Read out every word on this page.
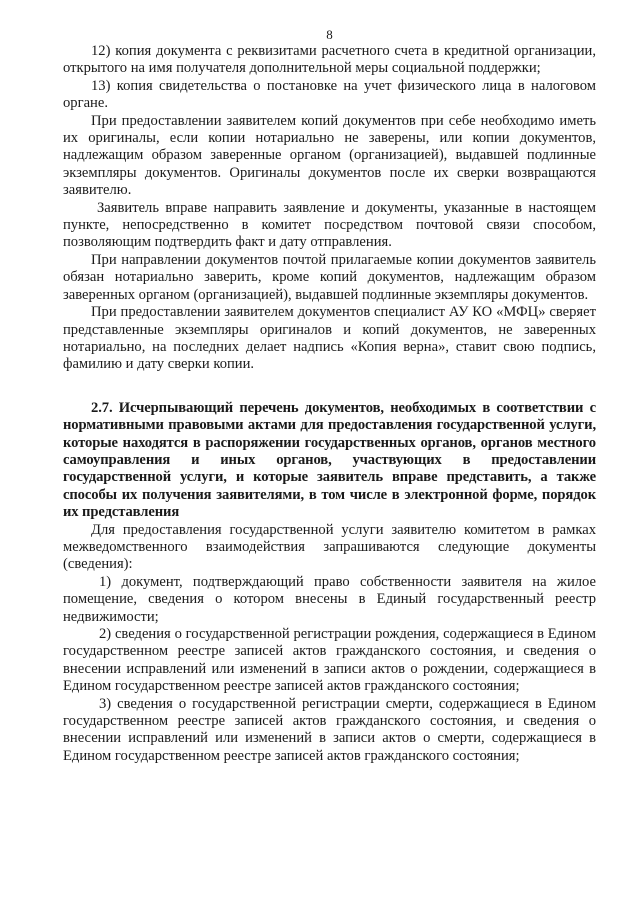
8

12) копия документа с реквизитами расчетного счета в кредитной организации, открытого на имя получателя дополнительной меры социальной поддержки;

13) копия свидетельства о постановке на учет физического лица в налоговом органе.

При предоставлении заявителем копий документов при себе необходимо иметь их оригиналы, если копии нотариально не заверены, или копии документов, надлежащим образом заверенные органом (организацией), выдавшей подлинные экземпляры документов. Оригиналы документов после их сверки возвращаются заявителю.

Заявитель вправе направить заявление и документы, указанные в настоящем пункте, непосредственно в комитет посредством почтовой связи способом, позволяющим подтвердить факт и дату отправления.

При направлении документов почтой прилагаемые копии документов заявитель обязан нотариально заверить, кроме копий документов, надлежащим образом заверенных органом (организацией), выдавшей подлинные экземпляры документов.

При предоставлении заявителем документов специалист АУ КО «МФЦ» сверяет представленные экземпляры оригиналов и копий документов, не заверенных нотариально, на последних делает надпись «Копия верна», ставит свою подпись, фамилию и дату сверки копии.

2.7. Исчерпывающий перечень документов, необходимых в соответствии с нормативными правовыми актами для предоставления государственной услуги, которые находятся в распоряжении государственных органов, органов местного самоуправления и иных органов, участвующих в предоставлении государственной услуги, и которые заявитель вправе представить, а также способы их получения заявителями, в том числе в электронной форме, порядок их представления

Для предоставления государственной услуги заявителю комитетом в рамках межведомственного взаимодействия запрашиваются следующие документы (сведения):

1) документ, подтверждающий право собственности заявителя на жилое помещение, сведения о котором внесены в Единый государственный реестр недвижимости;

2) сведения о государственной регистрации рождения, содержащиеся в Едином государственном реестре записей актов гражданского состояния, и сведения о внесении исправлений или изменений в записи актов о рождении, содержащиеся в Едином государственном реестре записей актов гражданского состояния;

3) сведения о государственной регистрации смерти, содержащиеся в Едином государственном реестре записей актов гражданского состояния, и сведения о внесении исправлений или изменений в записи актов о смерти, содержащиеся в Едином государственном реестре записей актов гражданского состояния;
